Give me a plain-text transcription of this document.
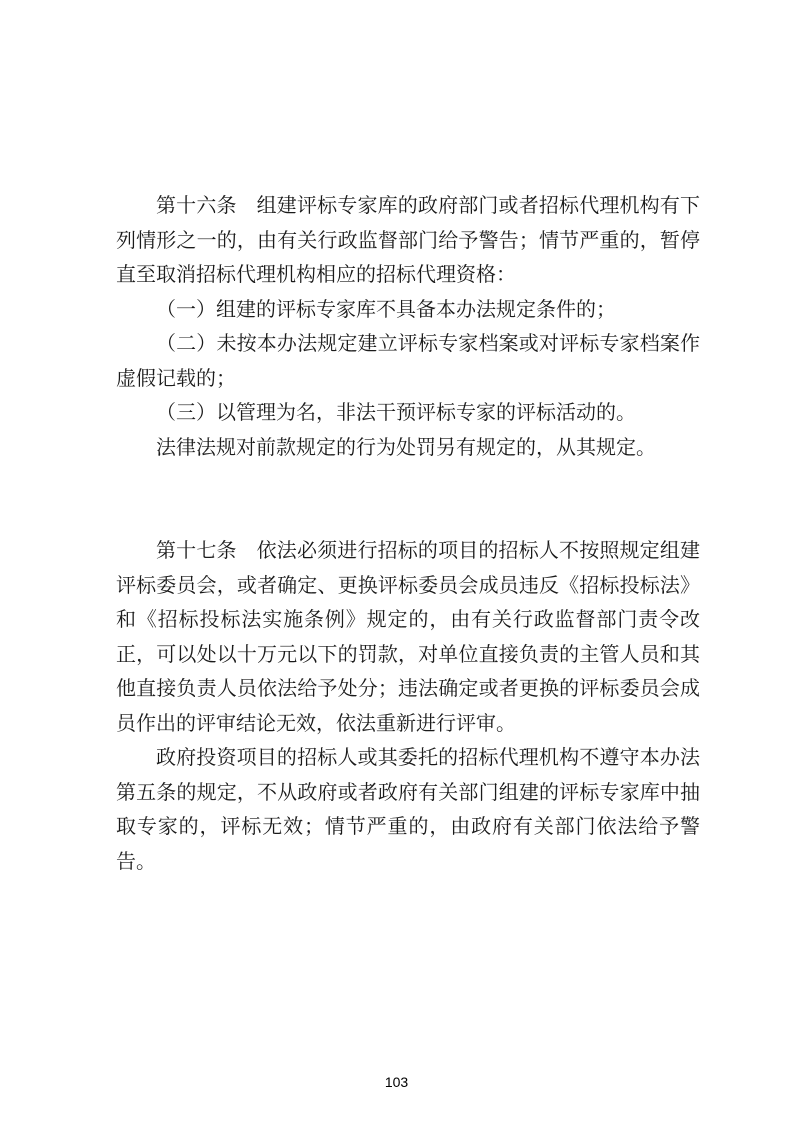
第十六条 组建评标专家库的政府部门或者招标代理机构有下列情形之一的，由有关行政监督部门给予警告；情节严重的，暂停直至取消招标代理机构相应的招标代理资格：

（一）组建的评标专家库不具备本办法规定条件的；

（二）未按本办法规定建立评标专家档案或对评标专家档案作虚假记载的；

（三）以管理为名，非法干预评标专家的评标活动的。

法律法规对前款规定的行为处罚另有规定的，从其规定。

第十七条 依法必须进行招标的项目的招标人不按照规定组建评标委员会，或者确定、更换评标委员会成员违反《招标投标法》和《招标投标法实施条例》规定的，由有关行政监督部门责令改正，可以处以十万元以下的罚款，对单位直接负责的主管人员和其他直接负责人员依法给予处分；违法确定或者更换的评标委员会成员作出的评审结论无效，依法重新进行评审。

政府投资项目的招标人或其委托的招标代理机构不遵守本办法第五条的规定，不从政府或者政府有关部门组建的评标专家库中抽取专家的，评标无效；情节严重的，由政府有关部门依法给予警告。

103
